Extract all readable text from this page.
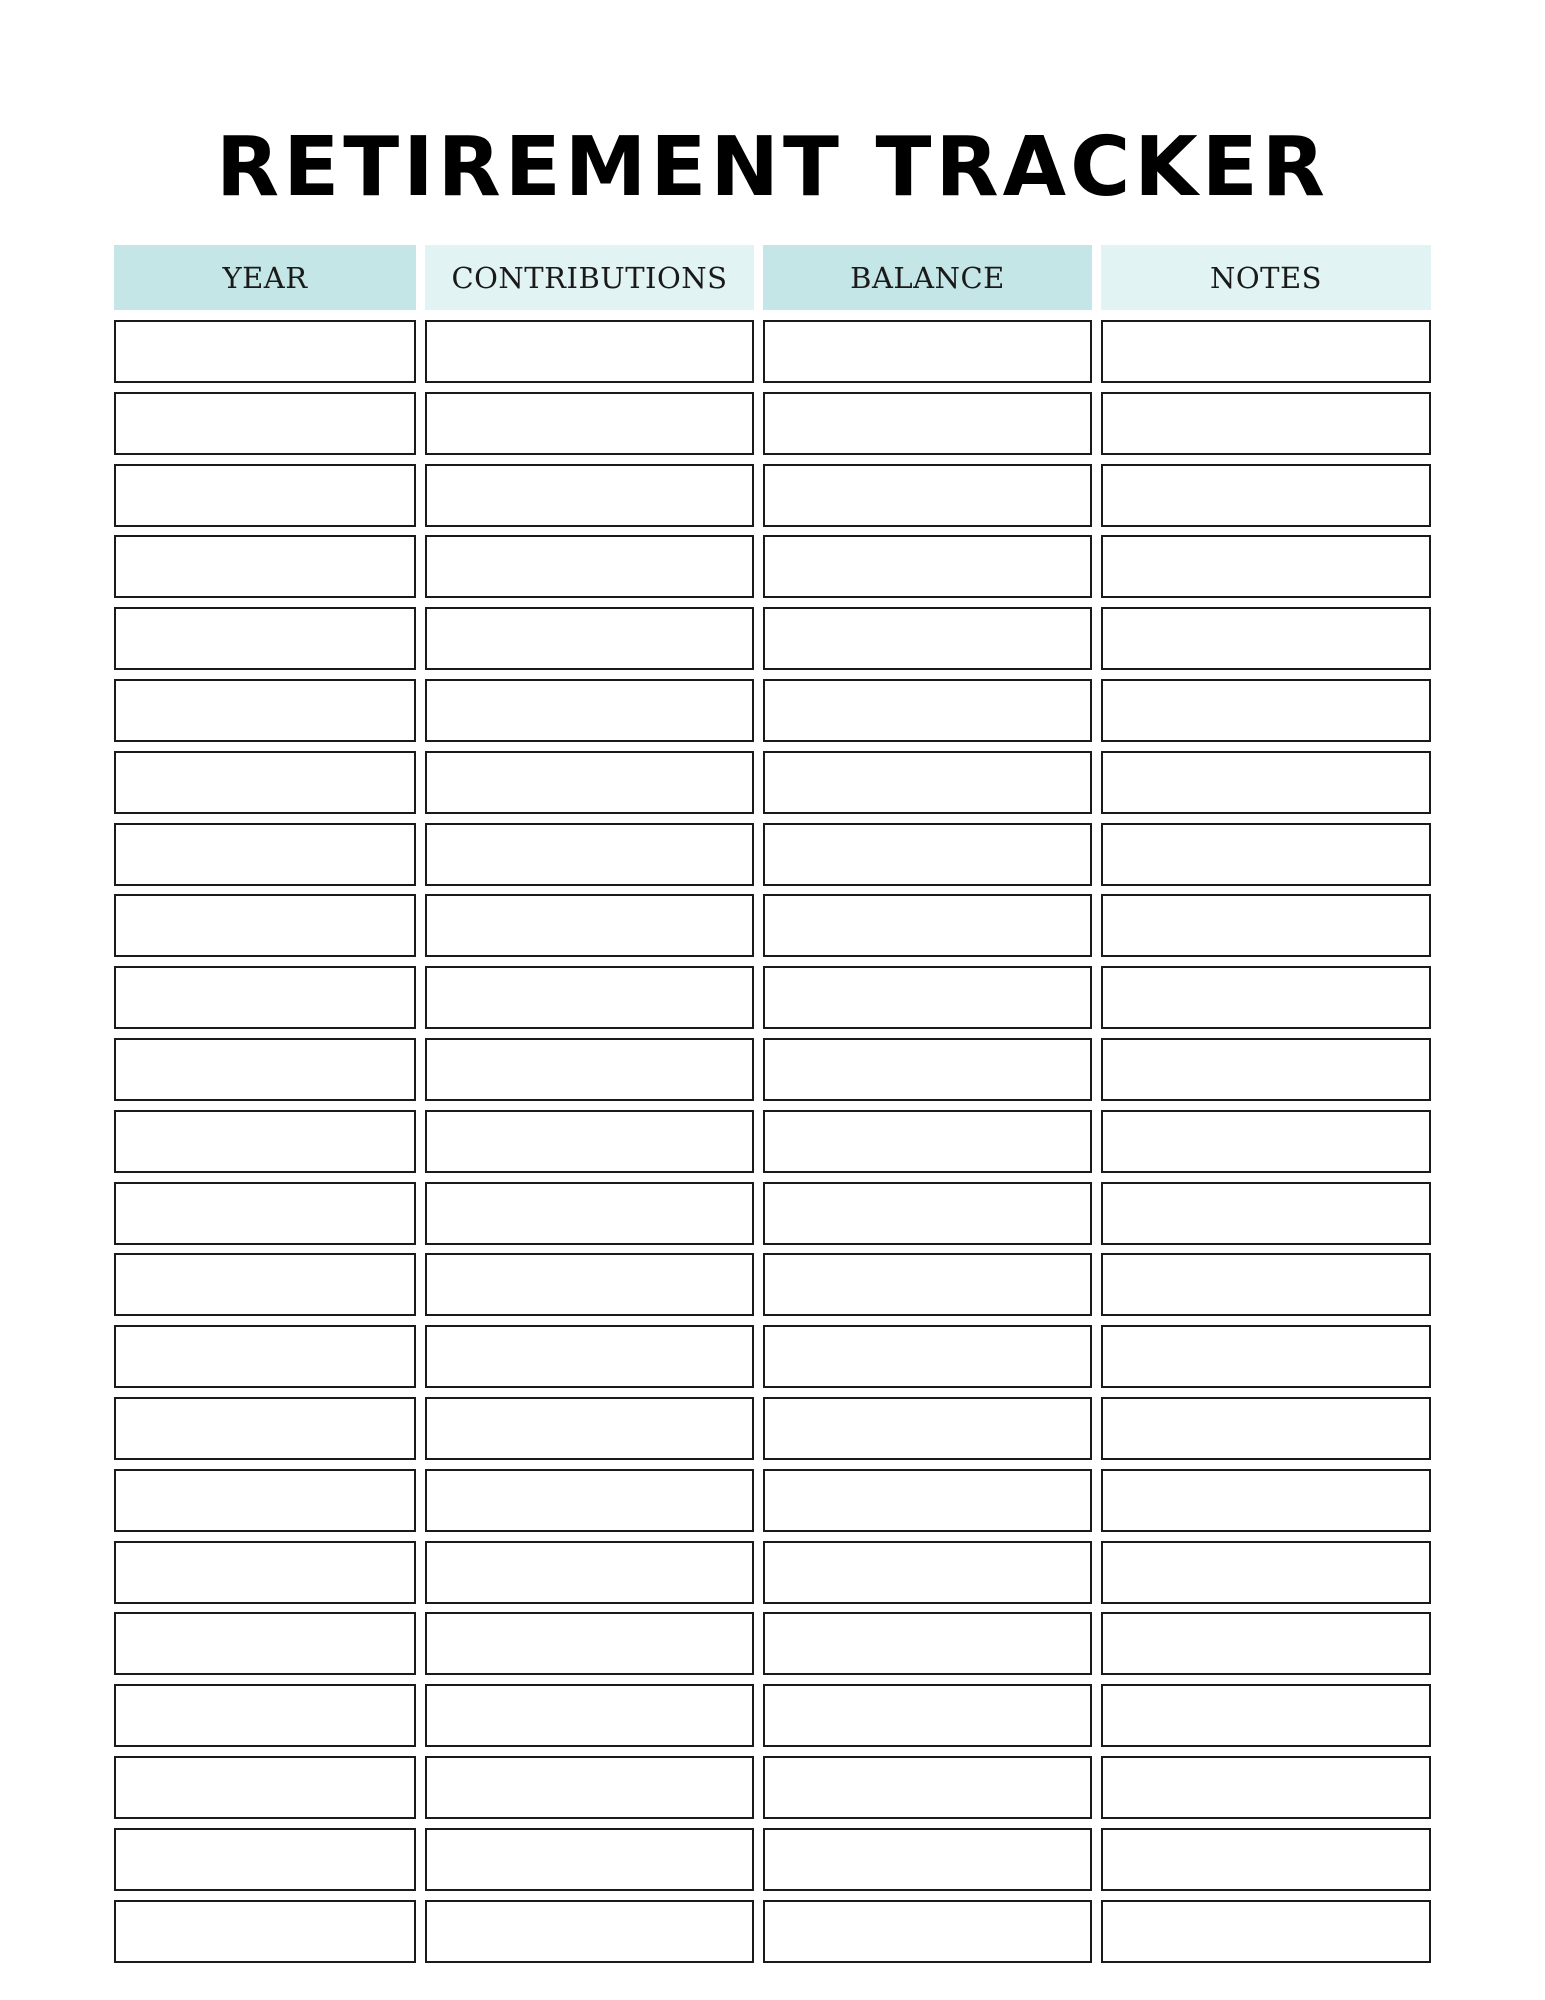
RETIREMENT TRACKER
YEAR	CONTRIBUTIONS	BALANCE	NOTES
